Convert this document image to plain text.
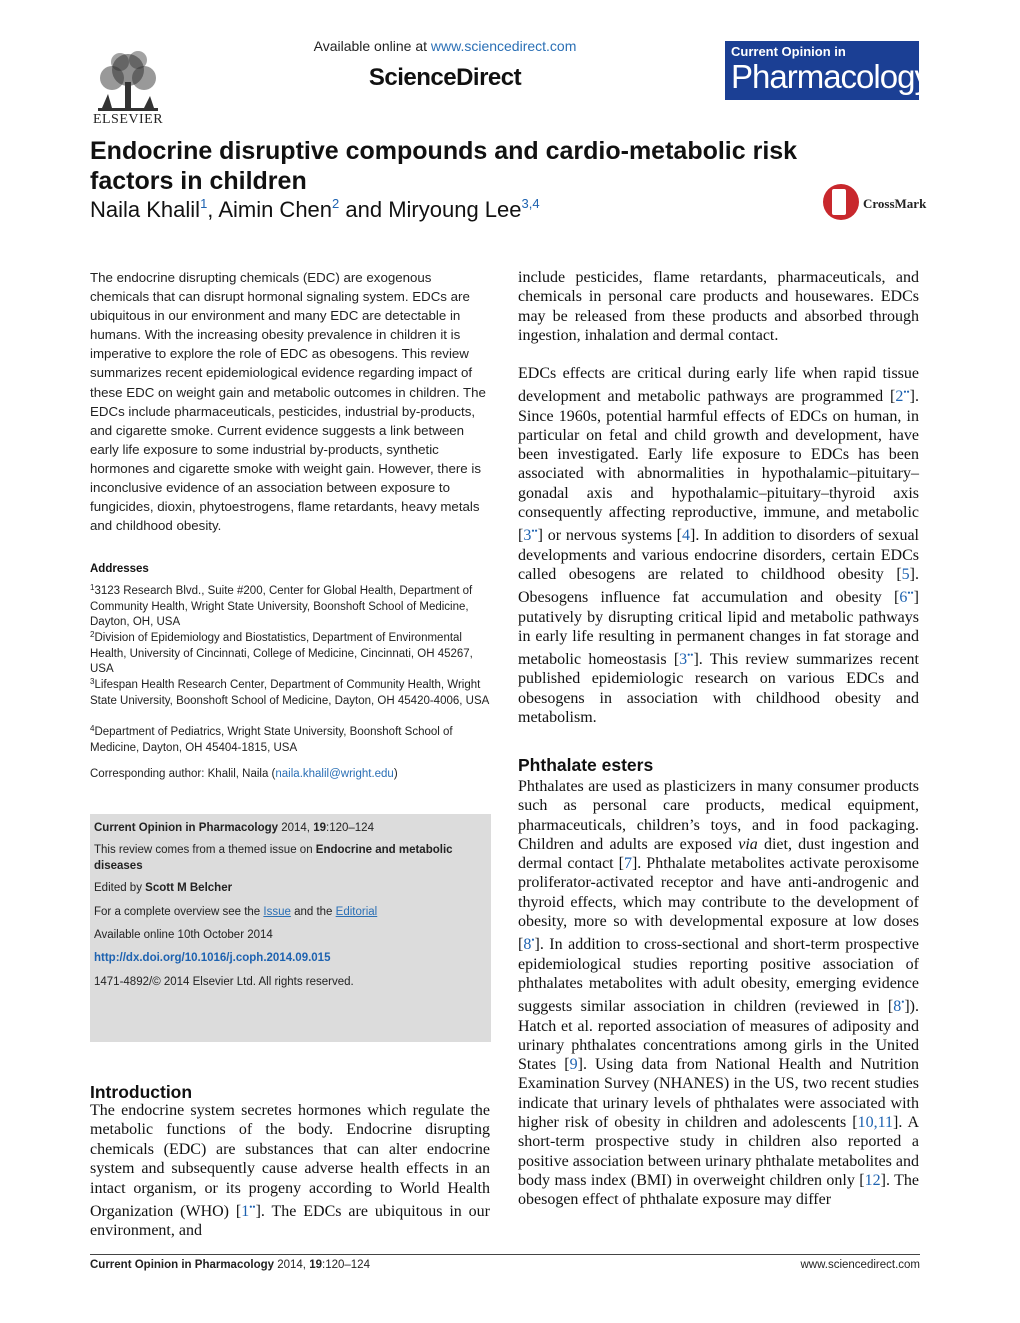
ELSEVIER
Available online at www.sciencedirect.com
ScienceDirect
Current Opinion in
Pharmacology
Endocrine disruptive compounds and cardio-metabolic risk factors in children
Naila Khalil$^1$, Aimin Chen$^2$ and Miryoung Lee$^{3,4}$	CrossMark
The endocrine disrupting chemicals (EDC) are exogenous chemicals that can disrupt hormonal signaling system. EDCs are ubiquitous in our environment and many EDC are detectable in humans. With the increasing obesity prevalence in children it is imperative to explore the role of EDC as obesogens. This review summarizes recent epidemiological evidence regarding impact of these EDC on weight gain and metabolic outcomes in children. The EDCs include pharmaceuticals, pesticides, industrial by-products, and cigarette smoke. Current evidence suggests a link between early life exposure to some industrial by-products, synthetic hormones and cigarette smoke with weight gain. However, there is inconclusive evidence of an association between exposure to fungicides, dioxin, phytoestrogens, flame retardants, heavy metals and childhood obesity.
Addresses
$^1$3123 Research Blvd., Suite #200, Center for Global Health, Department of Community Health, Wright State University, Boonshoft School of Medicine, Dayton, OH, USA
$^2$Division of Epidemiology and Biostatistics, Department of Environmental Health, University of Cincinnati, College of Medicine, Cincinnati, OH 45267, USA
$^3$Lifespan Health Research Center, Department of Community Health, Wright State University, Boonshoft School of Medicine, Dayton, OH 45420-4006, USA
$^4$Department of Pediatrics, Wright State University, Boonshoft School of Medicine, Dayton, OH 45404-1815, USA
Corresponding author: Khalil, Naila (naila.khalil@wright.edu)
Current Opinion in Pharmacology 2014, 19:120–124
This review comes from a themed issue on Endocrine and metabolic diseases
Edited by Scott M Belcher
For a complete overview see the Issue and the Editorial
Available online 10th October 2014
http://dx.doi.org/10.1016/j.coph.2014.09.015
1471-4892/© 2014 Elsevier Ltd. All rights reserved.
Introduction
The endocrine system secretes hormones which regulate the metabolic functions of the body. Endocrine disrupting chemicals (EDC) are substances that can alter endocrine system and subsequently cause adverse health effects in an intact organism, or its progeny according to World Health Organization (WHO) [1••]. The EDCs are ubiquitous in our environment, and
include pesticides, flame retardants, pharmaceuticals, and chemicals in personal care products and housewares. EDCs may be released from these products and absorbed through ingestion, inhalation and dermal contact.
EDCs effects are critical during early life when rapid tissue development and metabolic pathways are programmed [2••]. Since 1960s, potential harmful effects of EDCs on human, in particular on fetal and child growth and development, have been investigated. Early life exposure to EDCs has been associated with abnormalities in hypothalamic–pituitary–gonadal axis and hypothalamic–pituitary–thyroid axis consequently affecting reproductive, immune, and metabolic [3••] or nervous systems [4]. In addition to disorders of sexual developments and various endocrine disorders, certain EDCs called obesogens are related to childhood obesity [5]. Obesogens influence fat accumulation and obesity [6••] putatively by disrupting critical lipid and metabolic pathways in early life resulting in permanent changes in fat storage and metabolic homeostasis [3••]. This review summarizes recent published epidemiologic research on various EDCs and obesogens in association with childhood obesity and metabolism.
Phthalate esters
Phthalates are used as plasticizers in many consumer products such as personal care products, medical equipment, pharmaceuticals, children’s toys, and in food packaging. Children and adults are exposed via diet, dust ingestion and dermal contact [7]. Phthalate metabolites activate peroxisome proliferator-activated receptor and have anti-androgenic and thyroid effects, which may contribute to the development of obesity, more so with developmental exposure at low doses [8•]. In addition to cross-sectional and short-term prospective epidemiological studies reporting positive association of phthalates metabolites with adult obesity, emerging evidence suggests similar association in children (reviewed in [8•]). Hatch et al. reported association of measures of adiposity and urinary phthalates concentrations among girls in the United States [9]. Using data from National Health and Nutrition Examination Survey (NHANES) in the US, two recent studies indicate that urinary levels of phthalates were associated with higher risk of obesity in children and adolescents [10,11]. A short-term prospective study in children also reported a positive association between urinary phthalate metabolites and body mass index (BMI) in overweight children only [12]. The obesogen effect of phthalate exposure may differ
Current Opinion in Pharmacology 2014, 19:120–124	www.sciencedirect.com
